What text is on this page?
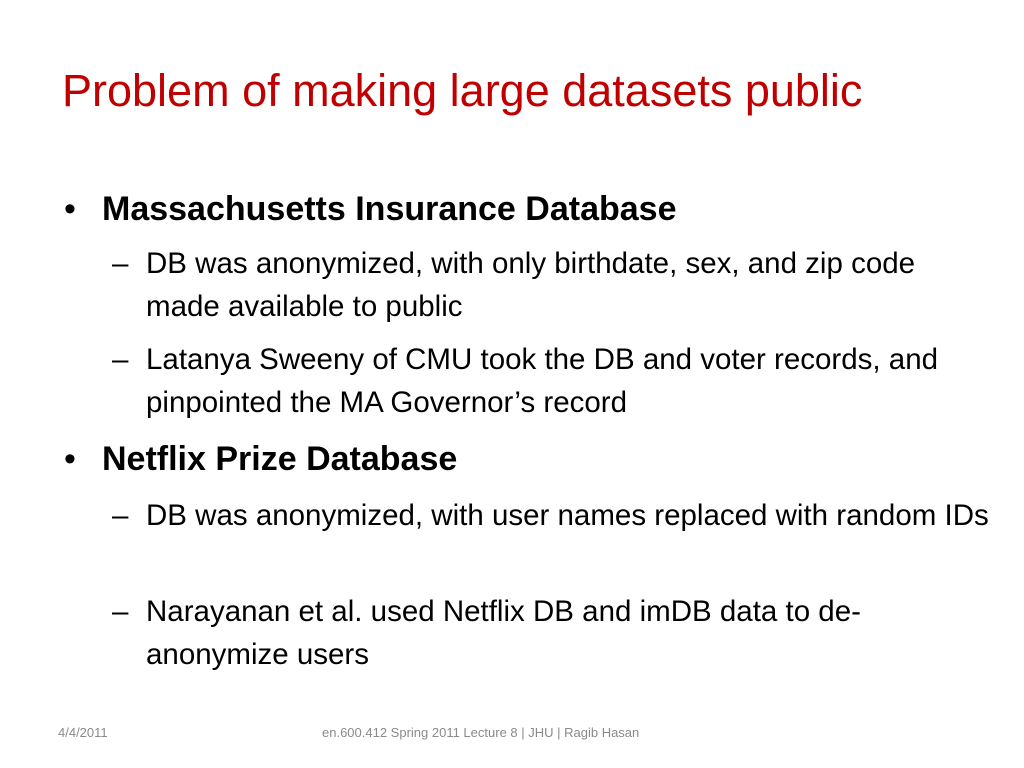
Problem of making large datasets public
• Massachusetts Insurance Database
– DB was anonymized, with only birthdate, sex, and zip code made available to public
– Latanya Sweeny of CMU took the DB and voter records, and pinpointed the MA Governor’s record
• Netflix Prize Database
– DB was anonymized, with user names replaced with random IDs
– Narayanan et al. used Netflix DB and imDB data to de-anonymize users
4/4/2011	en.600.412 Spring 2011 Lecture 8 | JHU | Ragib Hasan
